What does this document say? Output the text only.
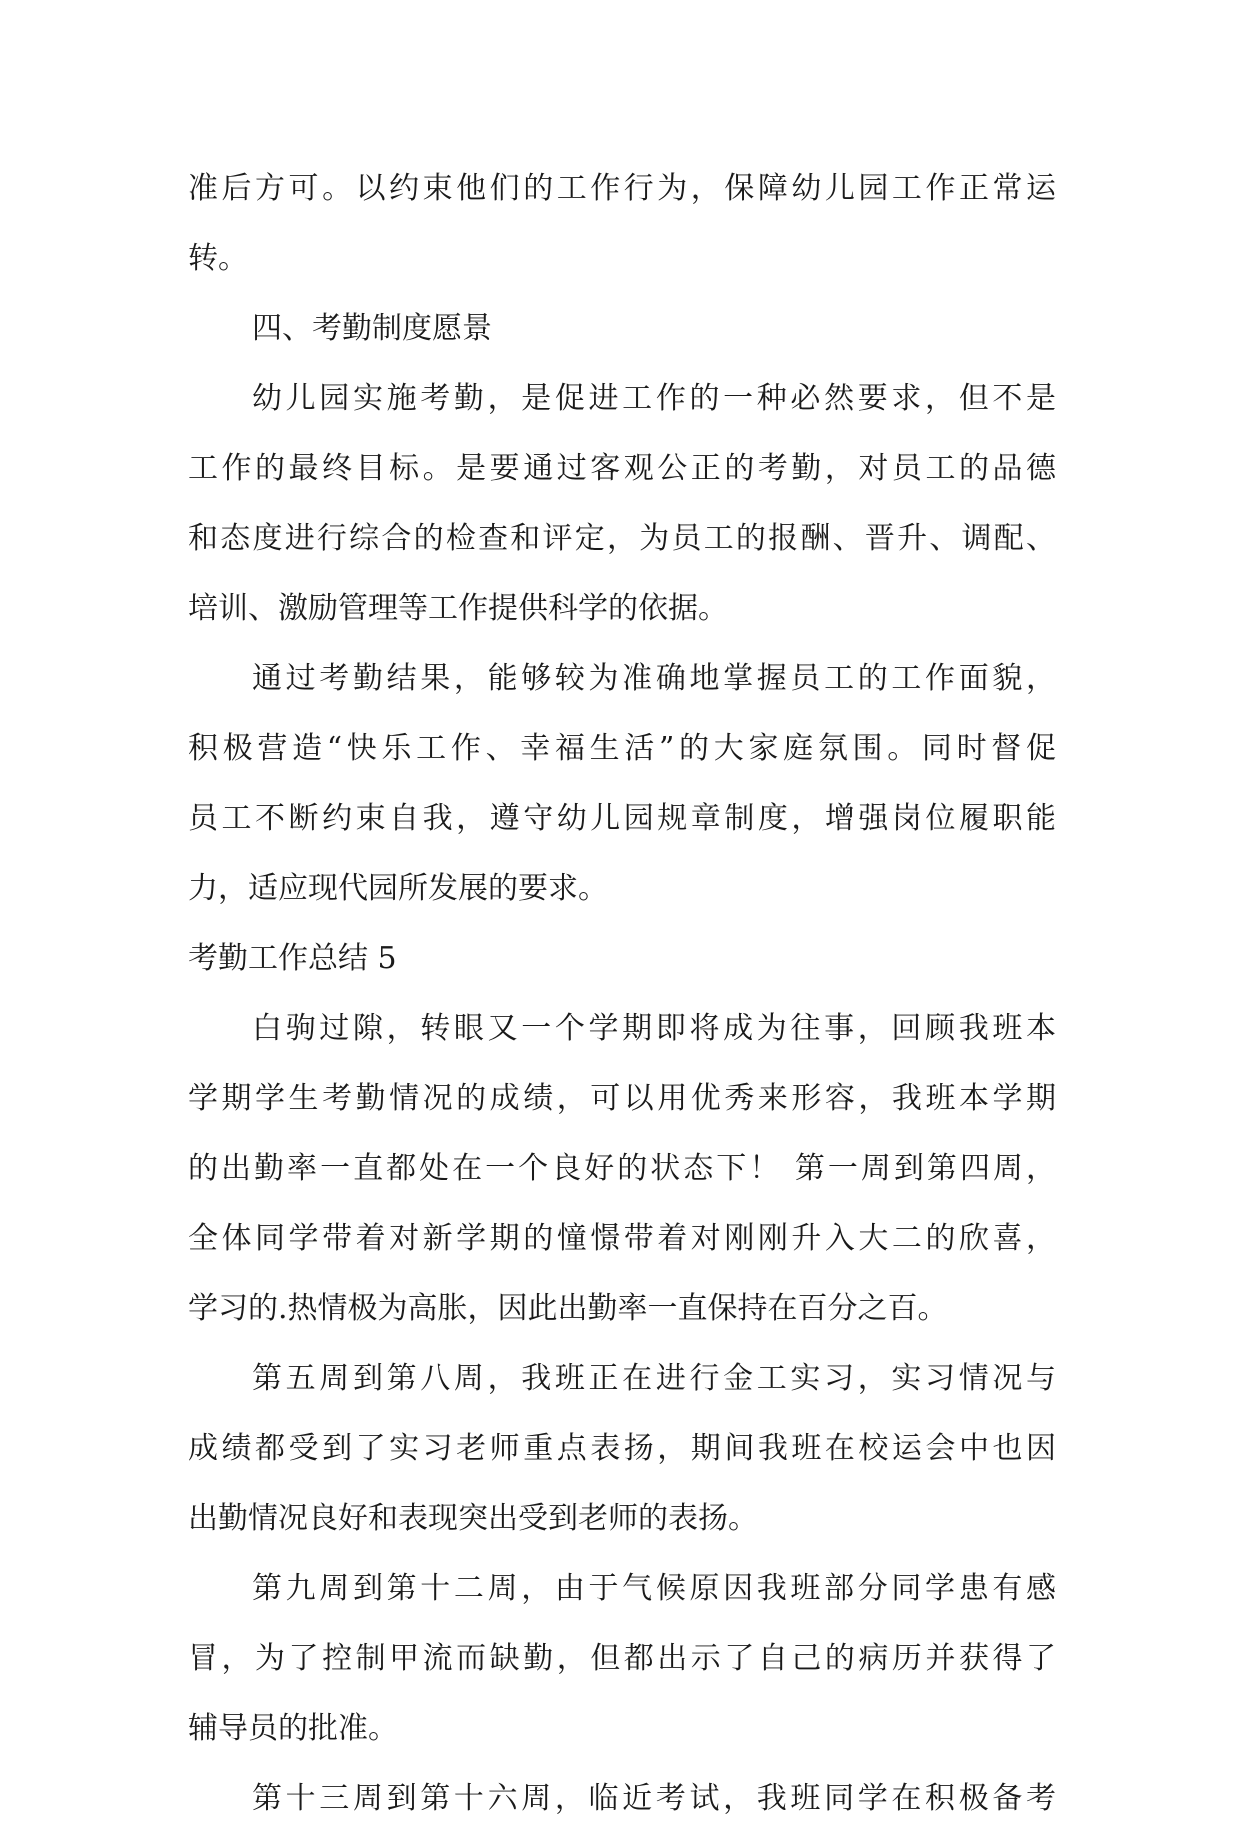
准后方可。以约束他们的工作行为，保障幼儿园工作正常运
转。
四、考勤制度愿景
幼儿园实施考勤，是促进工作的一种必然要求，但不是
工作的最终目标。是要通过客观公正的考勤，对员工的品德
和态度进行综合的检查和评定，为员工的报酬、晋升、调配、
培训、激励管理等工作提供科学的依据。
通过考勤结果，能够较为准确地掌握员工的工作面貌，
积极营造“快乐工作、幸福生活”的大家庭氛围。同时督促
员工不断约束自我，遵守幼儿园规章制度，增强岗位履职能
力，适应现代园所发展的要求。
考勤工作总结 5
白驹过隙，转眼又一个学期即将成为往事，回顾我班本
学期学生考勤情况的成绩，可以用优秀来形容，我班本学期
的出勤率一直都处在一个良好的状态下！ 第一周到第四周，
全体同学带着对新学期的憧憬带着对刚刚升入大二的欣喜，
学习的.热情极为高胀，因此出勤率一直保持在百分之百。
第五周到第八周，我班正在进行金工实习，实习情况与
成绩都受到了实习老师重点表扬，期间我班在校运会中也因
出勤情况良好和表现突出受到老师的表扬。
第九周到第十二周，由于气候原因我班部分同学患有感
冒，为了控制甲流而缺勤，但都出示了自己的病历并获得了
辅导员的批准。
第十三周到第十六周，临近考试，我班同学在积极备考
